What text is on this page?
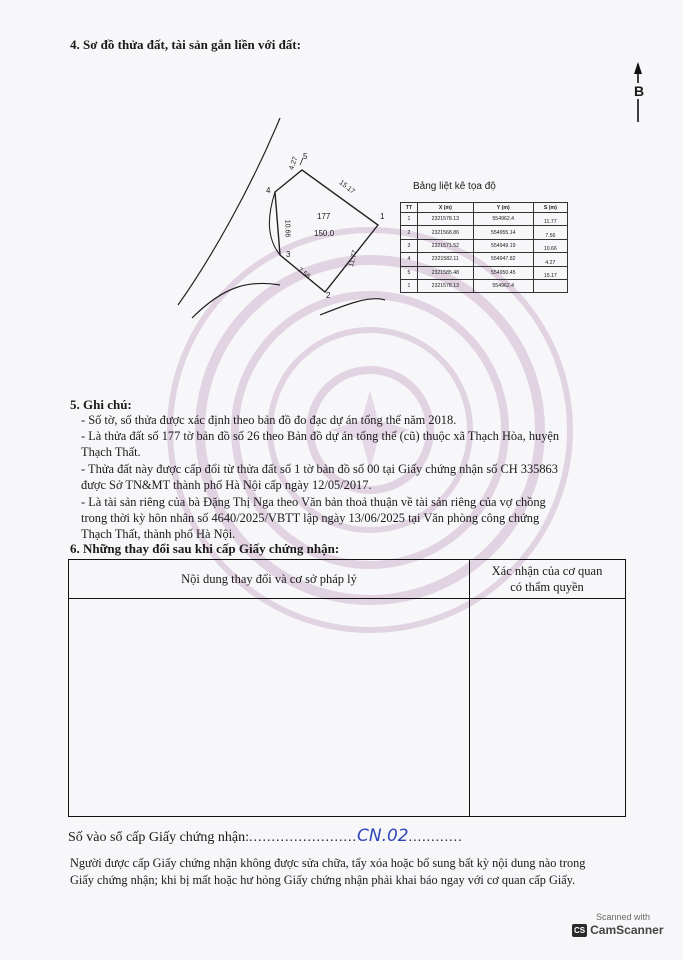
4. Sơ đồ thửa đất, tài sản gắn liền với đất:
B
1
2
3
4
5
15.17
11.77
7.56
10.66
4.27
177
150.0
Bảng liệt kê tọa độ
TT	X (m)	Y (m)	S (m)
1	2321578.13	554962.4	11.77
2	2321568.86	554955.14	7.56
3	2321571.52	554949.19	10.66
4	2321582.11	554947.82	4.27
5	2321585.48	554950.45	15.17
1	2321578.13	554962.4	
5. Ghi chú:
- Số tờ, số thửa được xác định theo bản đồ đo đạc dự án tổng thể năm 2018.
- Là thửa đất số 177 tờ bản đồ số 26 theo Bản đồ dự án tổng thể (cũ) thuộc xã Thạch Hòa, huyện
Thạch Thất.
- Thửa đất này được cấp đổi từ thửa đất số 1 tờ bản đồ số 00 tại Giấy chứng nhận số CH 335863
được Sở TN&MT thành phố Hà Nội cấp ngày 12/05/2017.
- Là tài sản riêng của bà Đặng Thị Nga theo Văn bản thoả thuận về tài sản riêng của vợ chồng
trong thời kỳ hôn nhân số 4640/2025/VBTT lập ngày 13/06/2025 tại Văn phòng công chứng
Thạch Thất, thành phố Hà Nội.
6. Những thay đổi sau khi cấp Giấy chứng nhận:
Nội dung thay đổi và cơ sở pháp lý
Xác nhận của cơ quan
có thẩm quyền
Số vào sổ cấp Giấy chứng nhận:........................CN.02............
Người được cấp Giấy chứng nhận không được sửa chữa, tẩy xóa hoặc bổ sung bất kỳ nội dung nào trong
Giấy chứng nhận; khi bị mất hoặc hư hỏng Giấy chứng nhận phải khai báo ngay với cơ quan cấp Giấy.
Scanned with
CS CamScanner
